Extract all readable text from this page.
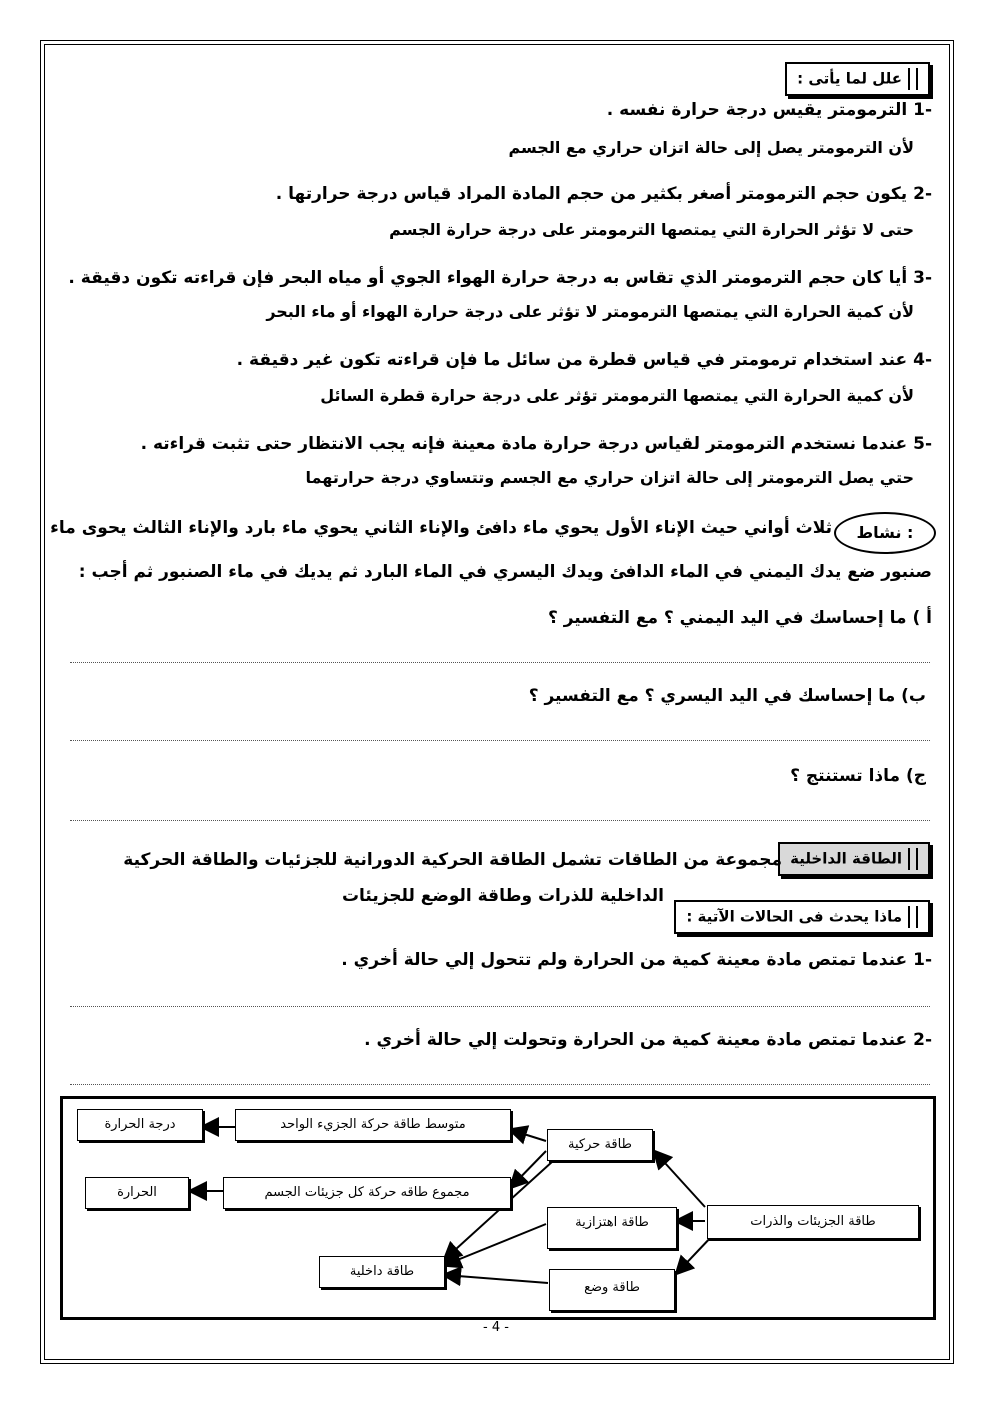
علل لما يأتى :
-1 الترمومتر يقيس درجة حرارة نفسه .
لأن الترمومتر يصل إلى حالة اتزان حراري مع الجسم
-2 يكون حجم الترمومتر أصغر بكثير من حجم المادة المراد قياس درجة حرارتها .
حتى لا تؤثر الحرارة التي يمتصها الترمومتر على درجة حرارة الجسم
-3 أيا كان حجم الترمومتر الذي تقاس به درجة حرارة الهواء الجوي أو مياه البحر فإن قراءته تكون دقيقة .
لأن كمية الحرارة التي يمتصها الترمومتر لا تؤثر على درجة حرارة الهواء أو ماء البحر
-4 عند استخدام ترمومتر في قياس قطرة من سائل ما فإن قراءته تكون غير دقيقة .
لأن كمية الحرارة التي يمتصها الترمومتر تؤثر على درجة حرارة قطرة السائل
-5 عندما نستخدم الترمومتر لقياس درجة حرارة مادة معينة فإنه يجب الانتظار حتى تثبت قراءته .
حتي يصل الترمومتر إلى حالة اتزان حراري مع الجسم وتتساوي درجة حرارتهما
نشاط :
ثلاث أواني حيث الإناء الأول يحوي ماء دافئ والإناء الثاني يحوي ماء بارد والإناء الثالث يحوى ماء
صنبور ضع يدك اليمني في الماء الدافئ ويدك اليسري في الماء البارد ثم يديك في ماء الصنبور ثم أجب :
أ ) ما إحساسك في اليد اليمني ؟ مع التفسير ؟
ب) ما إحساسك في اليد اليسري ؟ مع التفسير ؟
ج) ماذا تستنتج ؟
الطاقة الداخلية
مجموعة من الطاقات تشمل الطاقة الحركية الدورانية للجزئيات والطاقة الحركية
الداخلية للذرات وطاقة الوضع للجزيئات
ماذا يحدث فى الحالات الآتية :
-1 عندما تمتص مادة معينة كمية من الحرارة ولم تتحول إلي حالة أخري .
-2 عندما تمتص مادة معينة كمية من الحرارة وتحولت إلي حالة أخري .
درجة الحرارة	متوسط طاقة حركة الجزيء الواحد
طاقة حركية
الحرارة	مجموع طاقه حركة كل جزيئات الجسم
طاقة اهتزازية	طاقة الجزيئات والذرات
طاقة داخلية
طاقة وضع
- 4 -
